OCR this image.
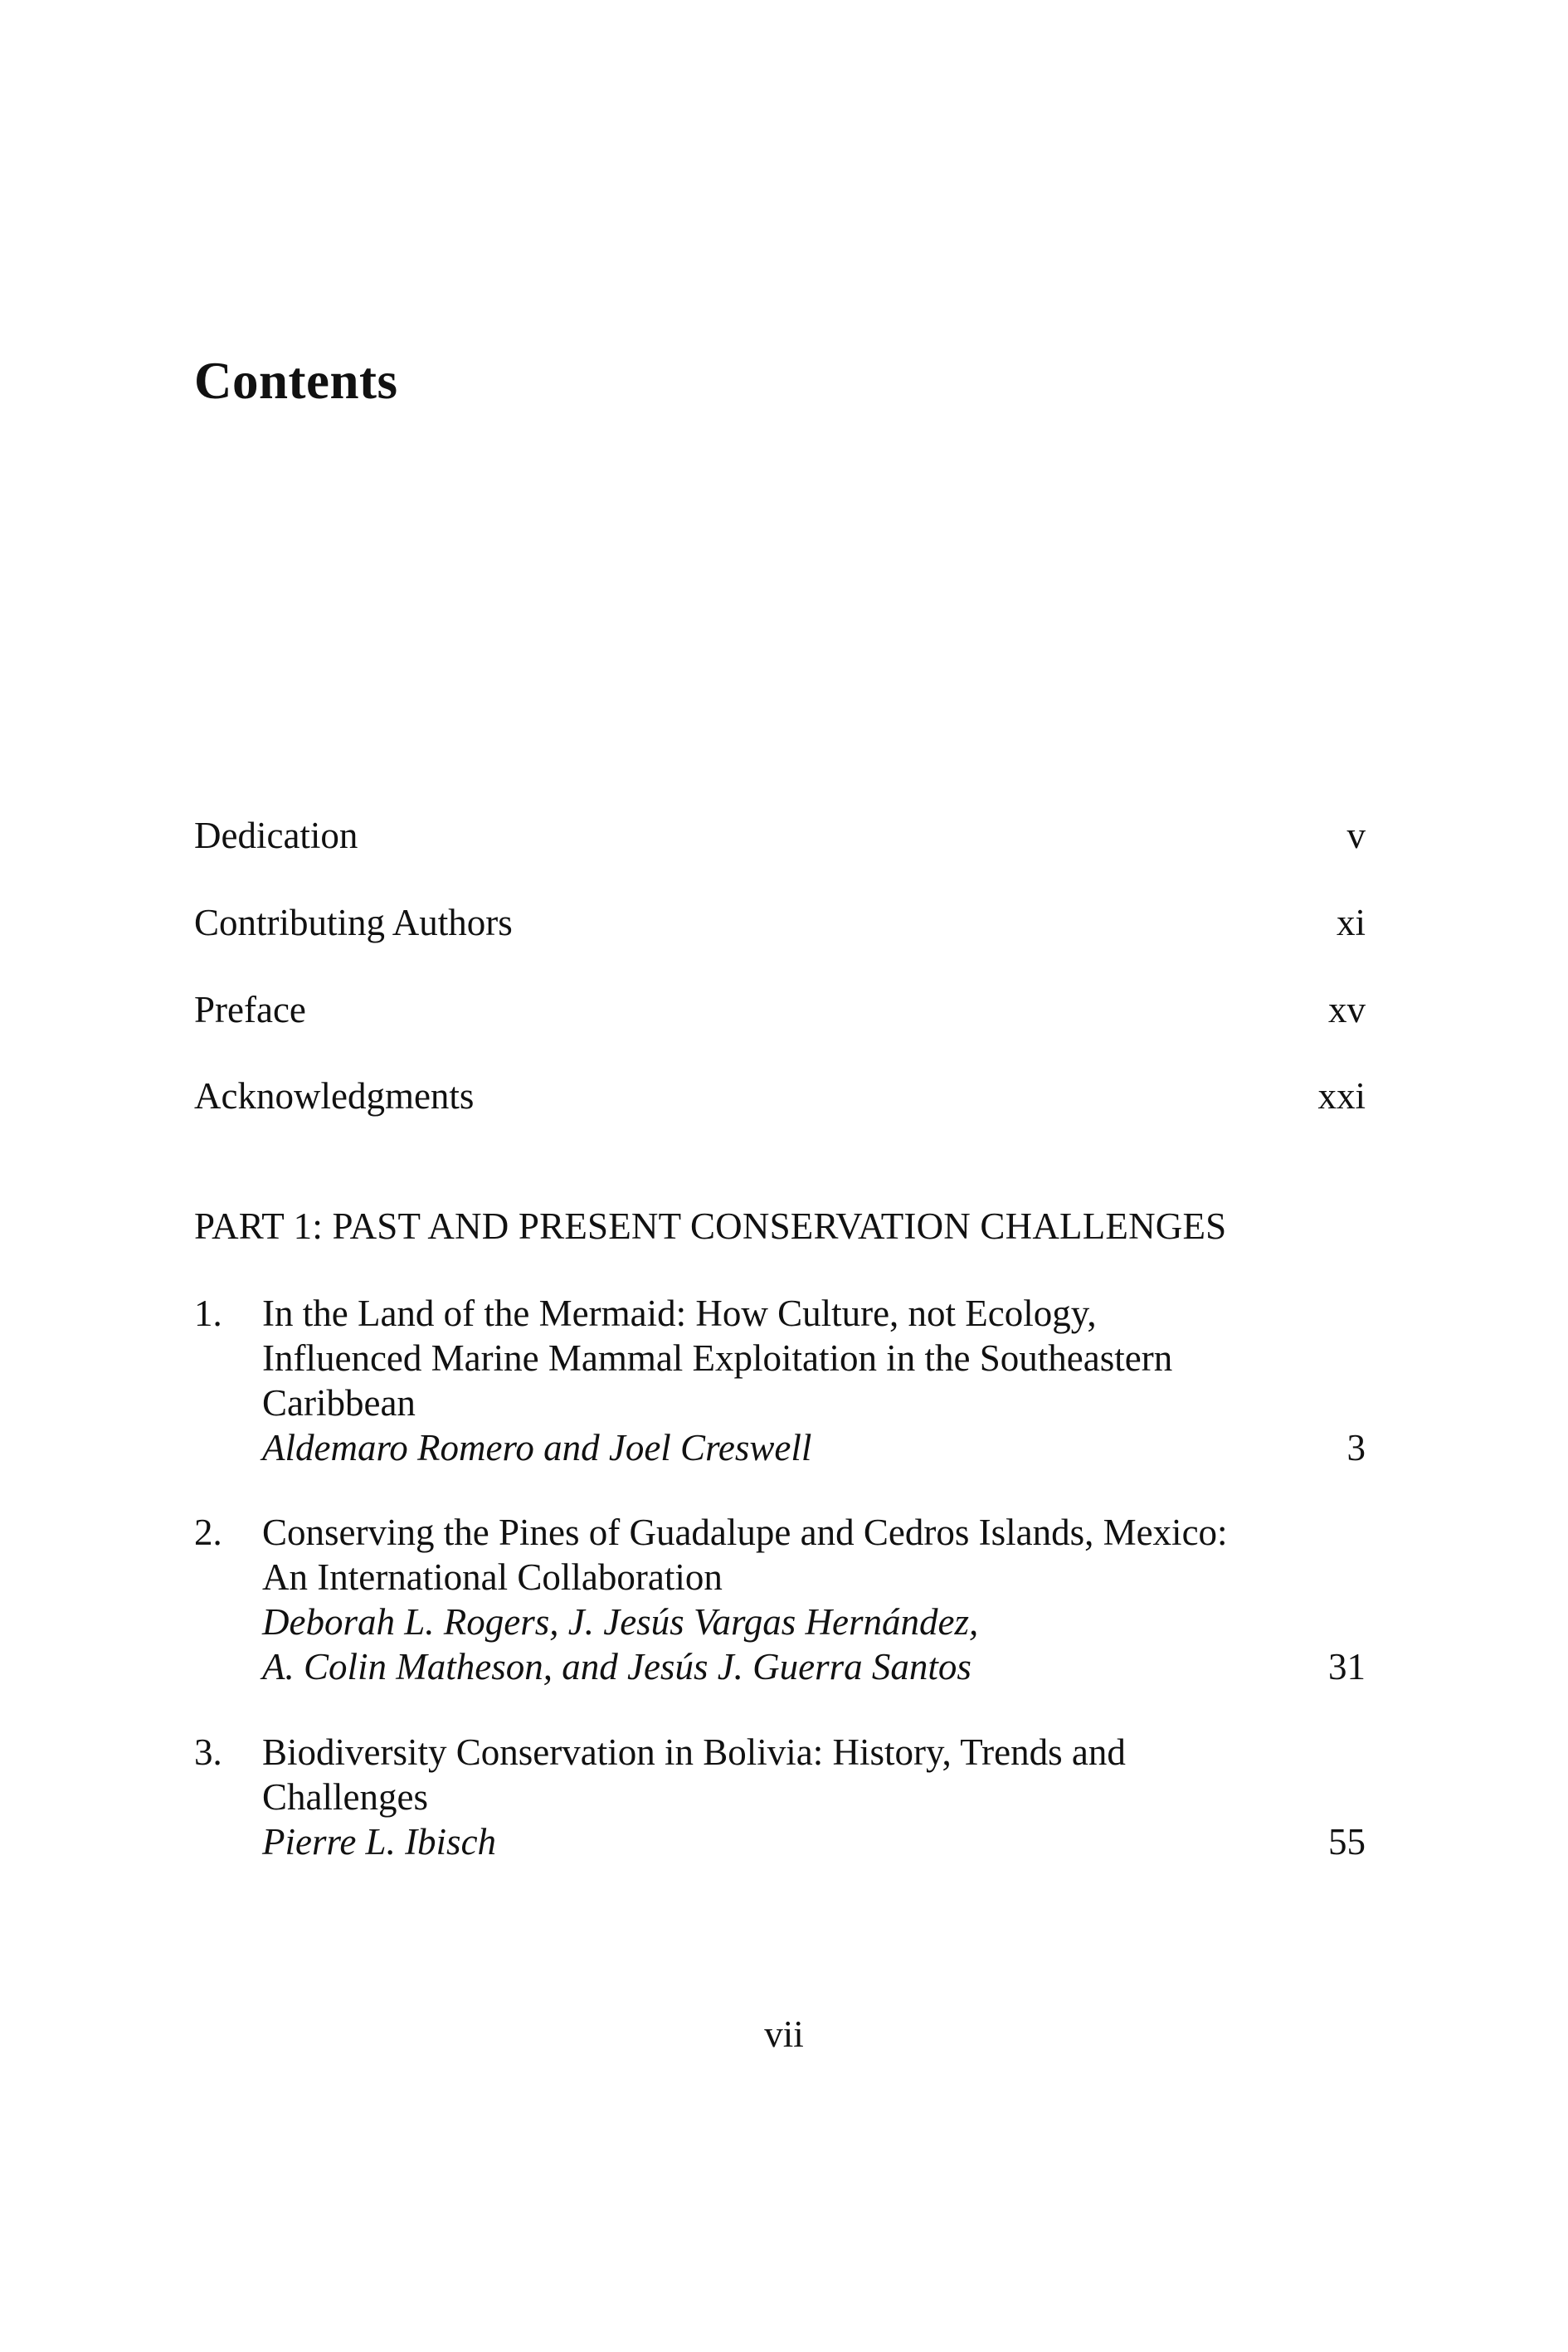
Contents
Dedication	v
Contributing Authors	xi
Preface	xv
Acknowledgments	xxi
PART 1: PAST AND PRESENT CONSERVATION CHALLENGES
1. In the Land of the Mermaid: How Culture, not Ecology,
Influenced Marine Mammal Exploitation in the Southeastern
Caribbean
Aldemaro Romero and Joel Creswell	3
2. Conserving the Pines of Guadalupe and Cedros Islands, Mexico:
An International Collaboration
Deborah L. Rogers, J. Jesús Vargas Hernández,
A. Colin Matheson, and Jesús J. Guerra Santos	31
3. Biodiversity Conservation in Bolivia: History, Trends and
Challenges
Pierre L. Ibisch	55
vii
